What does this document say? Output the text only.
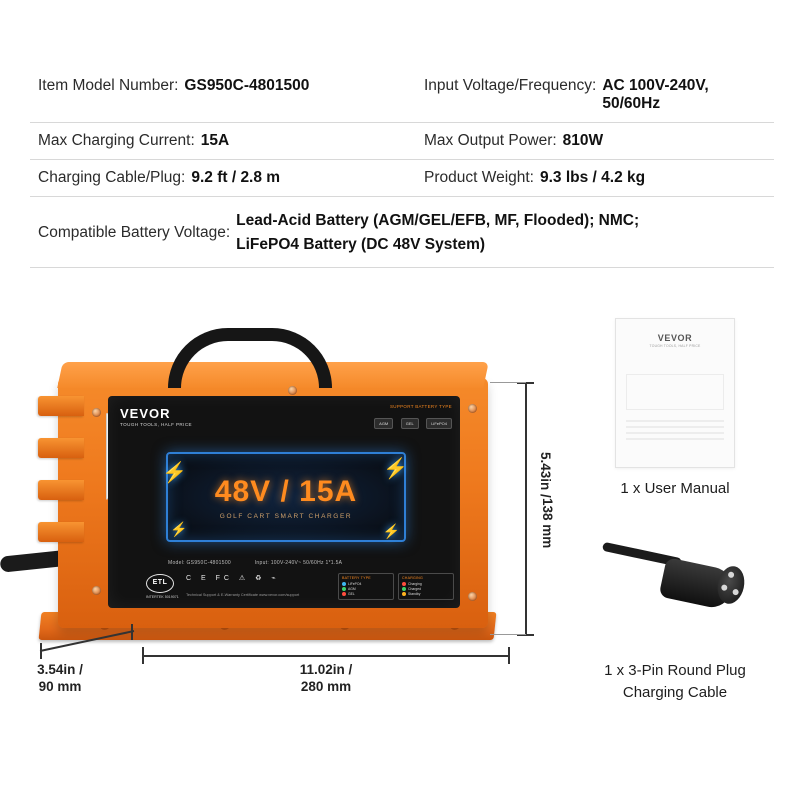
Item Model Number: GS950C-4801500	Input Voltage/Frequency: AC 100V-240V, 50/60Hz
Max Charging Current: 15A	Max Output Power: 810W
Charging Cable/Plug: 9.2 ft / 2.8 m	Product Weight: 9.3 lbs / 4.2 kg
Compatible Battery Voltage:
Lead-Acid Battery (AGM/GEL/EFB, MF, Flooded); NMC;
LiFePO4 Battery (DC 48V System)
VEVOR
TOUGH TOOLS, HALF PRICE
SUPPORT BATTERY TYPE
AGM	GEL	LiFePO4
⚡	⚡
⚡	⚡
48V / 15A
GOLF CART SMART CHARGER
Model: GS950C-4801500	Input: 100V-240V~ 50/60Hz 1*1.5A
ETL
INTERTEK 5019071
C E FC ⚠ ♻ ⌁
Technical Support & E-Warranty Certificate www.vevor.com/support
BATTERY TYPE
LiFePO4
AGM
GEL
CHARGING
Charging
Charged
Standby
5.43in /
138 mm
11.02in /
280 mm
3.54in /
90 mm
VEVOR
TOUGH TOOLS, HALF PRICE
1 x User Manual
1 x 3-Pin Round Plug
Charging Cable
